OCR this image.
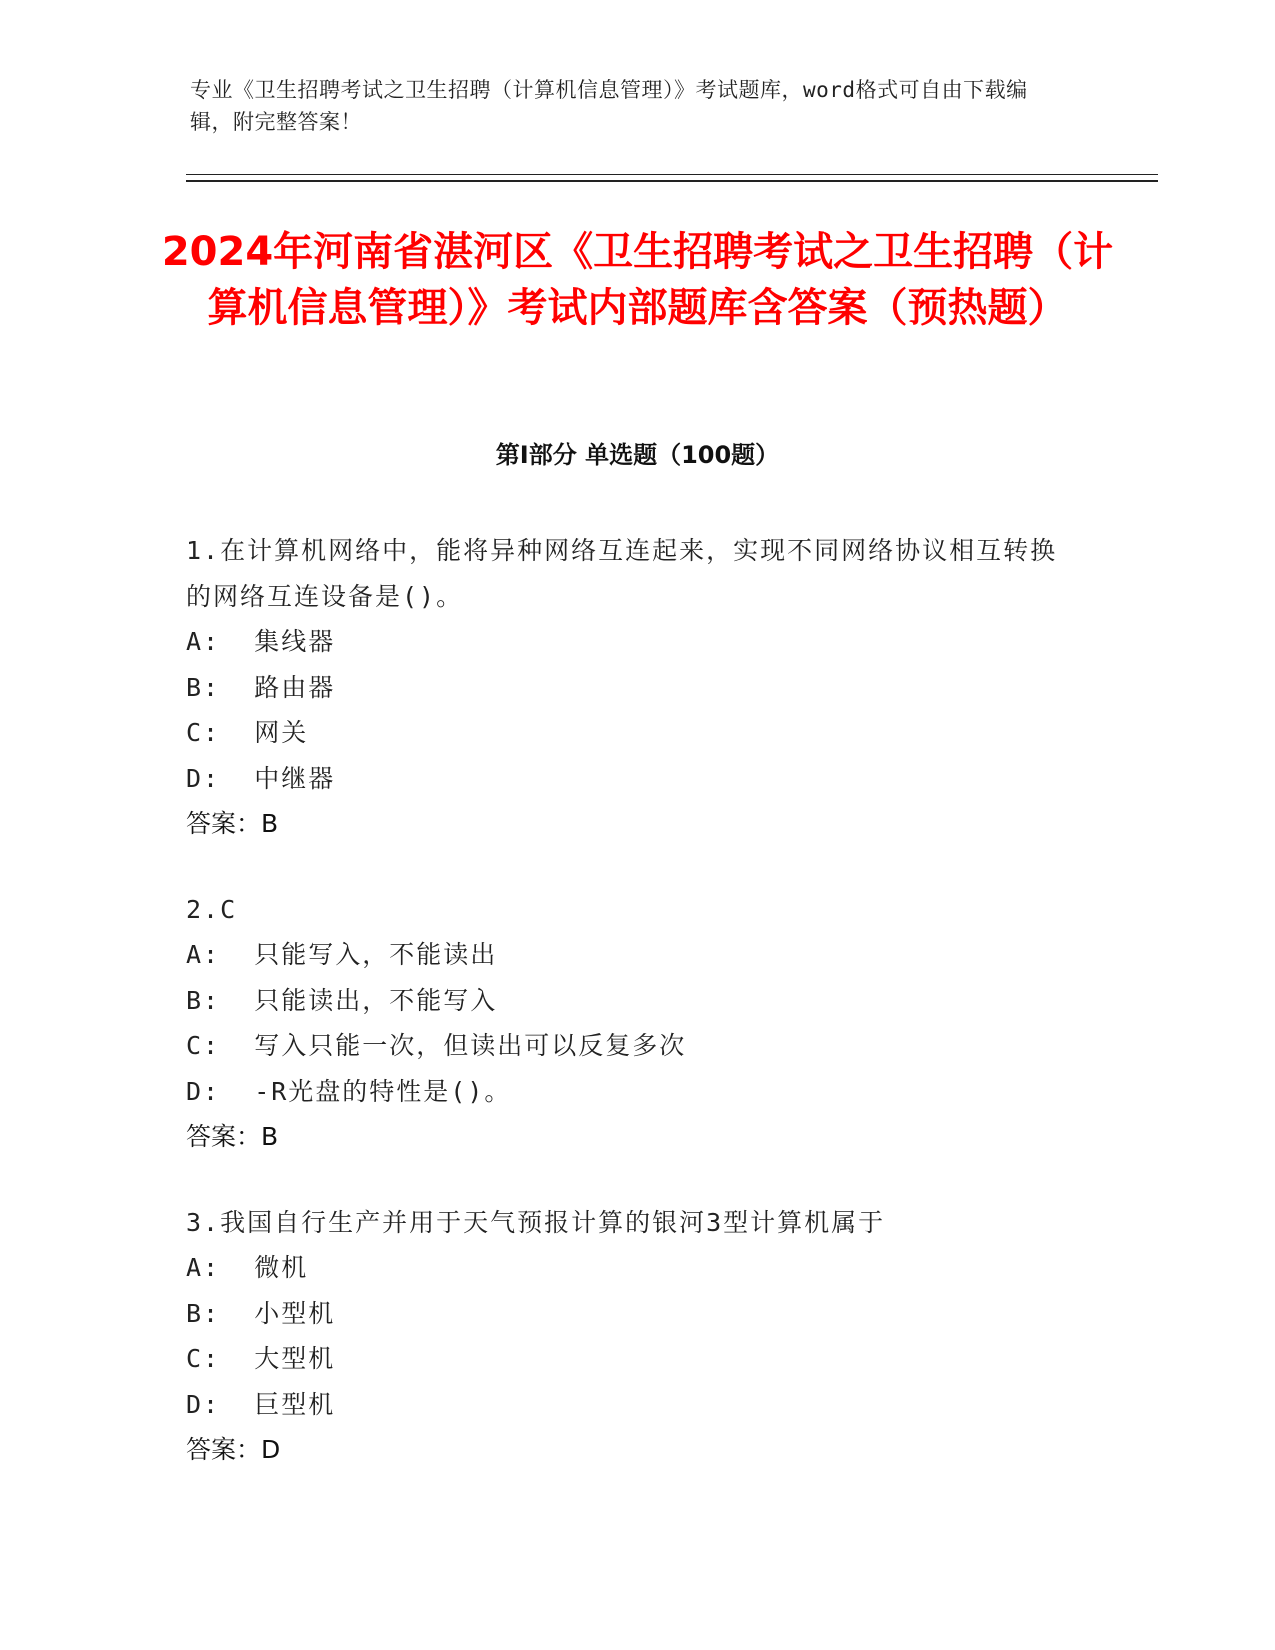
专业《卫生招聘考试之卫生招聘（计算机信息管理）》考试题库，word格式可自由下载编辑，附完整答案！
2024年河南省湛河区《卫生招聘考试之卫生招聘（计算机信息管理）》考试内部题库含答案（预热题）
第I部分 单选题（100题）
1.在计算机网络中，能将异种网络互连起来，实现不同网络协议相互转换的网络互连设备是()。
A:  集线器
B:  路由器
C:  网关
D:  中继器
答案：B
2.C
A:  只能写入，不能读出
B:  只能读出，不能写入
C:  写入只能一次，但读出可以反复多次
D:  -R光盘的特性是()。
答案：B
3.我国自行生产并用于天气预报计算的银河3型计算机属于
A:  微机
B:  小型机
C:  大型机
D:  巨型机
答案：D
